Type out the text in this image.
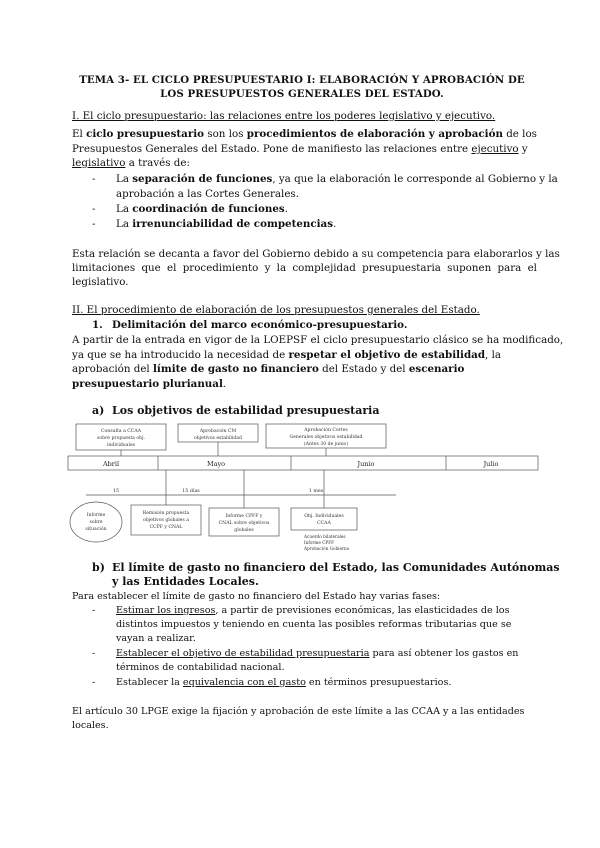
TEMA 3- EL CICLO PRESUPUESTARIO I: ELABORACIÓN Y APROBACIÓN DE
LOS PRESUPUESTOS GENERALES DEL ESTADO.
I. El ciclo presupuestario: las relaciones entre los poderes legislativo y ejecutivo.
El ciclo presupuestario son los procedimientos de elaboración y aprobación de los
Presupuestos Generales del Estado. Pone de manifiesto las relaciones entre ejecutivo y
legislativo a través de:
- La separación de funciones, ya que la elaboración le corresponde al Gobierno y la
aprobación a las Cortes Generales.
- La coordinación de funciones.
- La irrenunciabilidad de competencias.
Esta relación se decanta a favor del Gobierno debido a su competencia para elaborarlos y las
limitaciones que el procedimiento y la complejidad presupuestaria suponen para el
legislativo.
II. El procedimiento de elaboración de los presupuestos generales del Estado.
1. Delimitación del marco económico-presupuestario.
A partir de la entrada en vigor de la LOEPSF el ciclo presupuestario clásico se ha modificado,
ya que se ha introducido la necesidad de respetar el objetivo de estabilidad, la
aprobación del límite de gasto no financiero del Estado y del escenario
presupuestario plurianual.
a) Los objetivos de estabilidad presupuestaria
Consulta a CCAA
sobre propuesta obj.
individuales
Aprobación CM
objetivos estabilidad
Aprobación Cortes
Generales objetivos estabilidad
(Antes 30 de junio)
Abril	Mayo	Junio	Julio
15	15 días	1 mes
Informe
sobre
situación
Remisión propuesta
objetivos globales a
CCPF y CNAL
Informe CPFF y
CNAL sobre objetivos
globales
Obj. Individuales
CCAA
Acuerdo bilaterales
Informe CPFF
Aprobación Gobierno
b) El límite de gasto no financiero del Estado, las Comunidades Autónomas
y las Entidades Locales.
Para establecer el límite de gasto no financiero del Estado hay varias fases:
- Estimar los ingresos, a partir de previsiones económicas, las elasticidades de los
distintos impuestos y teniendo en cuenta las posibles reformas tributarias que se
vayan a realizar.
- Establecer el objetivo de estabilidad presupuestaria para así obtener los gastos en
términos de contabilidad nacional.
- Establecer la equivalencia con el gasto en términos presupuestarios.
El artículo 30 LPGE exige la fijación y aprobación de este límite a las CCAA y a las entidades
locales.
